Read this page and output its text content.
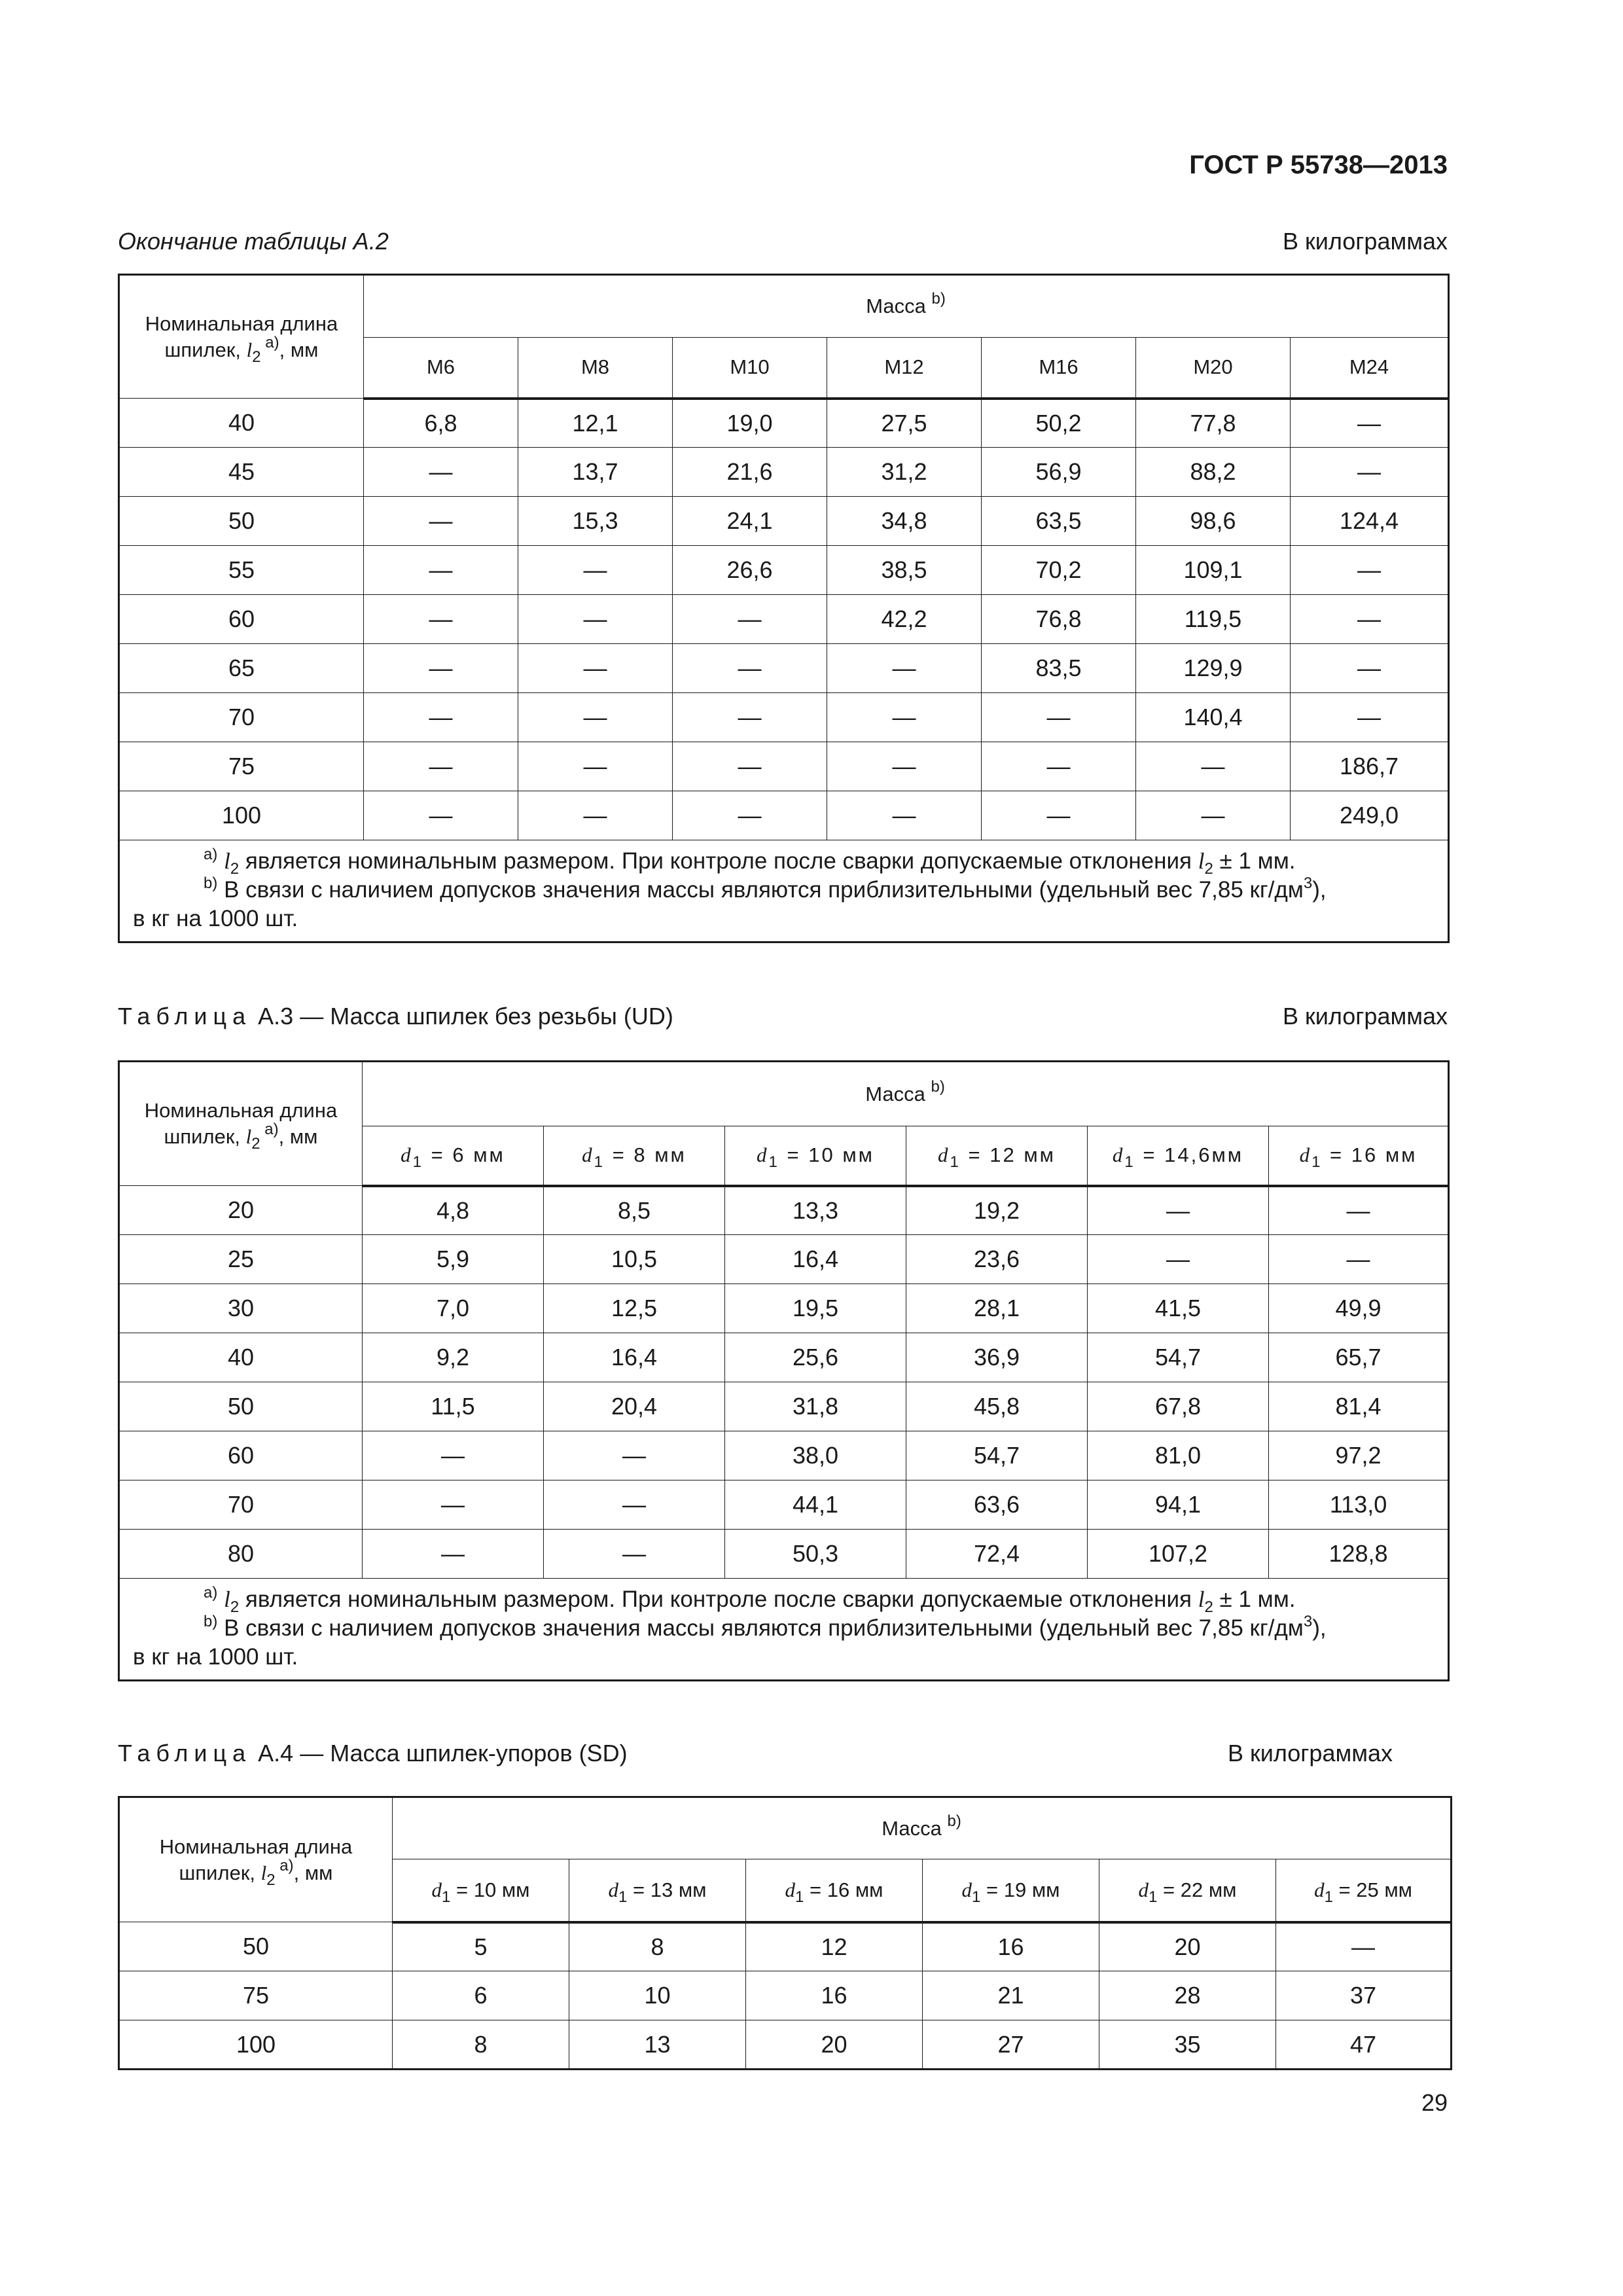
ГОСТ Р 55738—2013
Окончание таблицы А.2	В килограммах
Номинальная длина
шпилек, $l_2$ $^{а)}$, мм	Масса $^{b)}$
	М6	М8	М10	М12	М16	М20	М24
40	6,8	12,1	19,0	27,5	50,2	77,8	—
45	—	13,7	21,6	31,2	56,9	88,2	—
50	—	15,3	24,1	34,8	63,5	98,6	124,4
55	—	—	26,6	38,5	70,2	109,1	—
60	—	—	—	42,2	76,8	119,5	—
65	—	—	—	—	83,5	129,9	—
70	—	—	—	—	—	140,4	—
75	—	—	—	—	—	—	186,7
100	—	—	—	—	—	—	249,0

$^{а)}$ $l_2$ является номинальным размером. При контроле после сварки допускаемые отклонения $l_2 \pm 1$ мм.
$^{b)}$ В связи с наличием допусков значения массы являются приблизительными (удельный вес 7,85 $кг/дм^3$),
в кг на 1000 шт.							
Таблица А.3 — Масса шпилек без резьбы (UD)	В килограммах
Номинальная длина
шпилек, $l_2$ $^{а)}$, мм	Масса $^{b)}$
	$d_1 = 6$ мм	$d_1 = 8$ мм	$d_1 = 10$ мм	$d_1 = 12$ мм	$d_1 = 14,6мм$	$d_1 = 16$ мм
20	4,8	8,5	13,3	19,2	—	—
25	5,9	10,5	16,4	23,6	—	—
30	7,0	12,5	19,5	28,1	41,5	49,9
40	9,2	16,4	25,6	36,9	54,7	65,7
50	11,5	20,4	31,8	45,8	67,8	81,4
60	—	—	38,0	54,7	81,0	97,2
70	—	—	44,1	63,6	94,1	113,0
80	—	—	50,3	72,4	107,2	128,8

$^{а)}$ $l_2$ является номинальным размером. При контроле после сварки допускаемые отклонения $l_2 \pm 1$ мм.
$^{b)}$ В связи с наличием допусков значения массы являются приблизительными (удельный вес 7,85 $кг/дм^3$),
в кг на 1000 шт.						
Таблица А.4 — Масса шпилек-упоров (SD)	В килограммах
Номинальная длина
шпилек, $l_2$ $^{а)}$, мм	Масса $^{b)}$
	$d_1 = 10$ мм	$d_1 = 13$ мм	$d_1 = 16$ мм	$d_1 = 19$ мм	$d_1 = 22$ мм	$d_1 = 25$ мм
50	5	8	12	16	20	—
75	6	10	16	21	28	37
100	8	13	20	27	35	47
29
